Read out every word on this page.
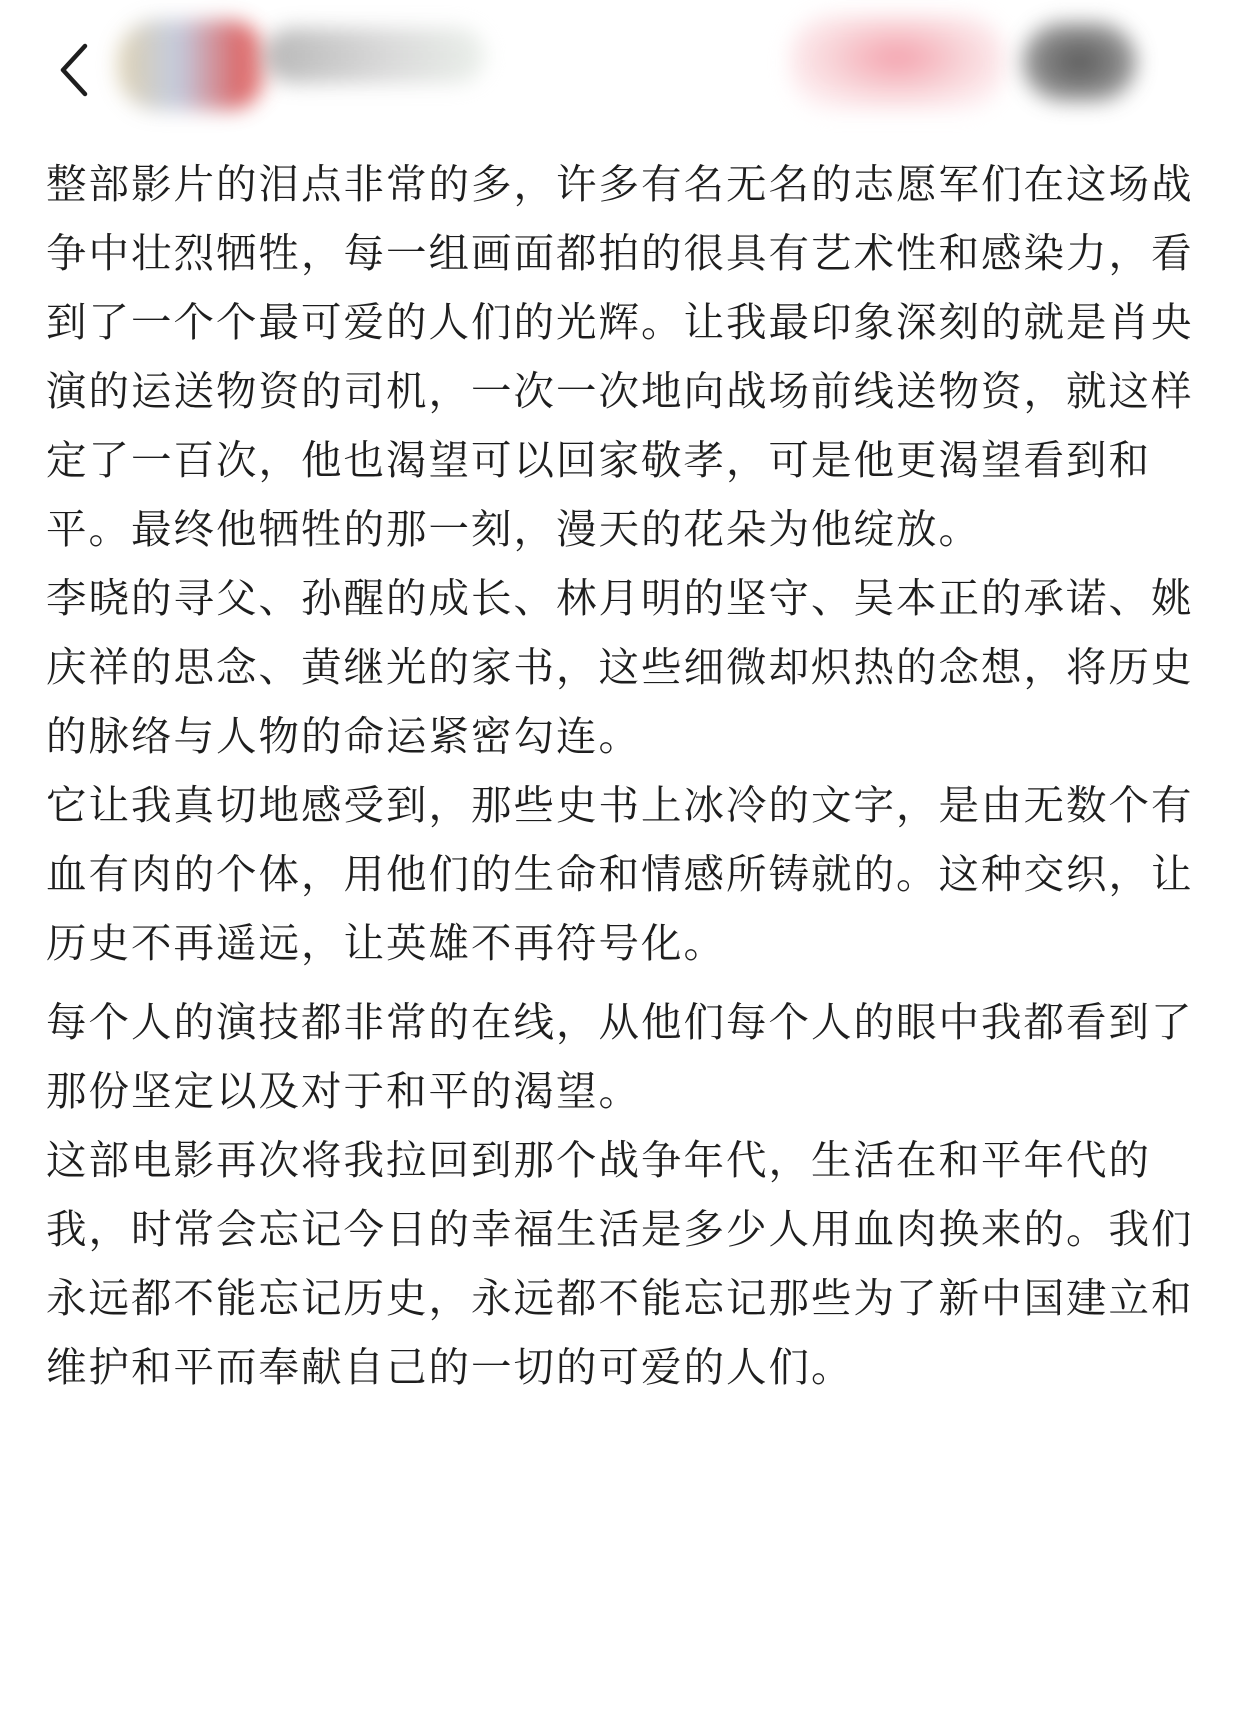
整部影片的泪点非常的多，许多有名无名的志愿军们在这场战争中壮烈牺牲，每一组画面都拍的很具有艺术性和感染力，看到了一个个最可爱的人们的光辉。让我最印象深刻的就是肖央演的运送物资的司机，一次一次地向战场前线送物资，就这样定了一百次，他也渴望可以回家敬孝，可是他更渴望看到和平。最终他牺牲的那一刻，漫天的花朵为他绽放。

李晓的寻父、孙醒的成长、林月明的坚守、吴本正的承诺、姚庆祥的思念、黄继光的家书，这些细微却炽热的念想，将历史的脉络与人物的命运紧密勾连。

它让我真切地感受到，那些史书上冰冷的文字，是由无数个有血有肉的个体，用他们的生命和情感所铸就的。这种交织，让历史不再遥远，让英雄不再符号化。

每个人的演技都非常的在线，从他们每个人的眼中我都看到了那份坚定以及对于和平的渴望。

这部电影再次将我拉回到那个战争年代，生活在和平年代的我，时常会忘记今日的幸福生活是多少人用血肉换来的。我们永远都不能忘记历史，永远都不能忘记那些为了新中国建立和维护和平而奉献自己的一切的可爱的人们。
